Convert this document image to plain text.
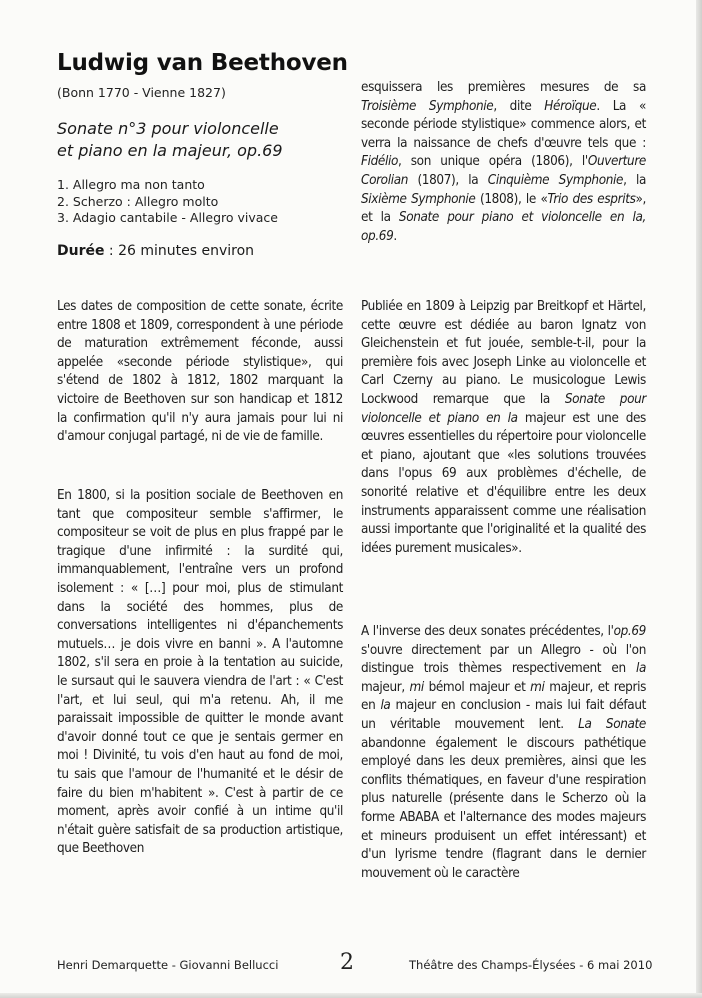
Ludwig van Beethoven
(Bonn 1770 - Vienne 1827)
Sonate n°3 pour violoncelle
et piano en la majeur, op.69
1. Allegro ma non tanto
2. Scherzo : Allegro molto
3. Adagio cantabile - Allegro vivace
Durée : 26 minutes environ

Les dates de composition de cette sonate, écrite entre 1808 et 1809, correspondent à une période de maturation extrêmement féconde, aussi appelée «seconde période stylistique», qui s'étend de 1802 à 1812, 1802 marquant la victoire de Beethoven sur son handicap et 1812 la confirmation qu'il n'y aura jamais pour lui ni d'amour conjugal partagé, ni de vie de famille.

En 1800, si la position sociale de Beethoven en tant que compositeur semble s'affirmer, le compositeur se voit de plus en plus frappé par le tragique d'une infirmité : la surdité qui, immanquablement, l'entraîne vers un profond isolement : « […] pour moi, plus de stimulant dans la société des hommes, plus de conversations intelligentes ni d'épanchements mutuels… je dois vivre en banni ». A l'automne 1802, s'il sera en proie à la tentation au suicide, le sursaut qui le sauvera viendra de l'art : « C'est l'art, et lui seul, qui m'a retenu. Ah, il me paraissait impossible de quitter le monde avant d'avoir donné tout ce que je sentais germer en moi ! Divinité, tu vois d'en haut au fond de moi, tu sais que l'amour de l'humanité et le désir de faire du bien m'habitent ». C'est à partir de ce moment, après avoir confié à un intime qu'il n'était guère satisfait de sa production artistique, que Beethoven

esquissera les premières mesures de sa Troisième Symphonie, dite Héroïque. La « seconde période stylistique» commence alors, et verra la naissance de chefs d'œuvre tels que : Fidélio, son unique opéra (1806), l'Ouverture Corolian (1807), la Cinquième Symphonie, la Sixième Symphonie (1808), le «Trio des esprits», et la Sonate pour piano et violoncelle en la, op.69.

Publiée en 1809 à Leipzig par Breitkopf et Härtel, cette œuvre est dédiée au baron Ignatz von Gleichenstein et fut jouée, semble-t-il, pour la première fois avec Joseph Linke au violoncelle et Carl Czerny au piano. Le musicologue Lewis Lockwood remarque que la Sonate pour violoncelle et piano en la majeur est une des œuvres essentielles du répertoire pour violoncelle et piano, ajoutant que «les solutions trouvées dans l'opus 69 aux problèmes d'échelle, de sonorité relative et d'équilibre entre les deux instruments apparaissent comme une réalisation aussi importante que l'originalité et la qualité des idées purement musicales».

A l'inverse des deux sonates précédentes, l'op.69 s'ouvre directement par un Allegro - où l'on distingue trois thèmes respectivement en la majeur, mi bémol majeur et mi majeur, et repris en la majeur en conclusion - mais lui fait défaut un véritable mouvement lent. La Sonate abandonne également le discours pathétique employé dans les deux premières, ainsi que les conflits thématiques, en faveur d'une respiration plus naturelle (présente dans le Scherzo où la forme ABABA et l'alternance des modes majeurs et mineurs produisent un effet intéressant) et d'un lyrisme tendre (flagrant dans le dernier mouvement où le caractère

Henri Demarquette - Giovanni Bellucci	2	Théâtre des Champs-Élysées - 6 mai 2010
